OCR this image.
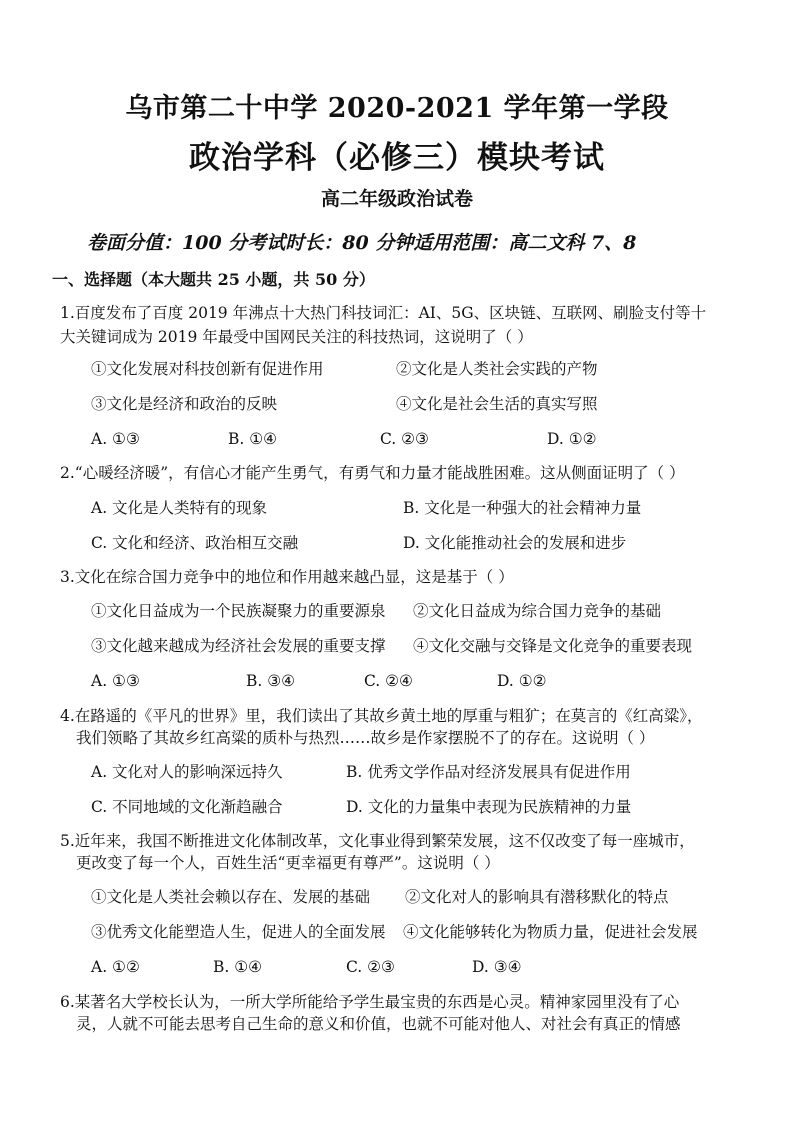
乌市第二十中学 2020-2021 学年第一学段
政治学科（必修三）模块考试
高二年级政治试卷
卷面分值：100 分考试时长：80 分钟适用范围：高二文科 7、8
一、选择题（本大题共 25 小题，共 50 分）
1.百度发布了百度 2019 年沸点十大热门科技词汇：AI、5G、区块链、互联网、刷脸支付等十
大关键词成为 2019 年最受中国网民关注的科技热词，这说明了（ ）
①文化发展对科技创新有促进作用	②文化是人类社会实践的产物
③文化是经济和政治的反映	④文化是社会生活的真实写照
A. ①③	B. ①④	C. ②③	D. ①②
2.“心暖经济暖”，有信心才能产生勇气，有勇气和力量才能战胜困难。这从侧面证明了（ ）
A. 文化是人类特有的现象	B. 文化是一种强大的社会精神力量
C. 文化和经济、政治相互交融	D. 文化能推动社会的发展和进步
3.文化在综合国力竞争中的地位和作用越来越凸显，这是基于（ ）
①文化日益成为一个民族凝聚力的重要源泉 ②文化日益成为综合国力竞争的基础
③文化越来越成为经济社会发展的重要支撑 ④文化交融与交锋是文化竞争的重要表现
A. ①③	B. ③④	C. ②④	D. ①②
4.在路遥的《平凡的世界》里，我们读出了其故乡黄土地的厚重与粗犷；在莫言的《红高粱》，
我们领略了其故乡红高粱的质朴与热烈……故乡是作家摆脱不了的存在。这说明（ ）
A. 文化对人的影响深远持久	B. 优秀文学作品对经济发展具有促进作用
C. 不同地域的文化渐趋融合	D. 文化的力量集中表现为民族精神的力量
5.近年来，我国不断推进文化体制改革，文化事业得到繁荣发展，这不仅改变了每一座城市，
更改变了每一个人，百姓生活“更幸福更有尊严”。这说明（ ）
①文化是人类社会赖以存在、发展的基础 ②文化对人的影响具有潜移默化的特点
③优秀文化能塑造人生，促进人的全面发展 ④文化能够转化为物质力量，促进社会发展
A. ①②	B. ①④	C. ②③	D. ③④
6.某著名大学校长认为，一所大学所能给予学生最宝贵的东西是心灵。精神家园里没有了心
灵，人就不可能去思考自己生命的意义和价值，也就不可能对他人、对社会有真正的情感
